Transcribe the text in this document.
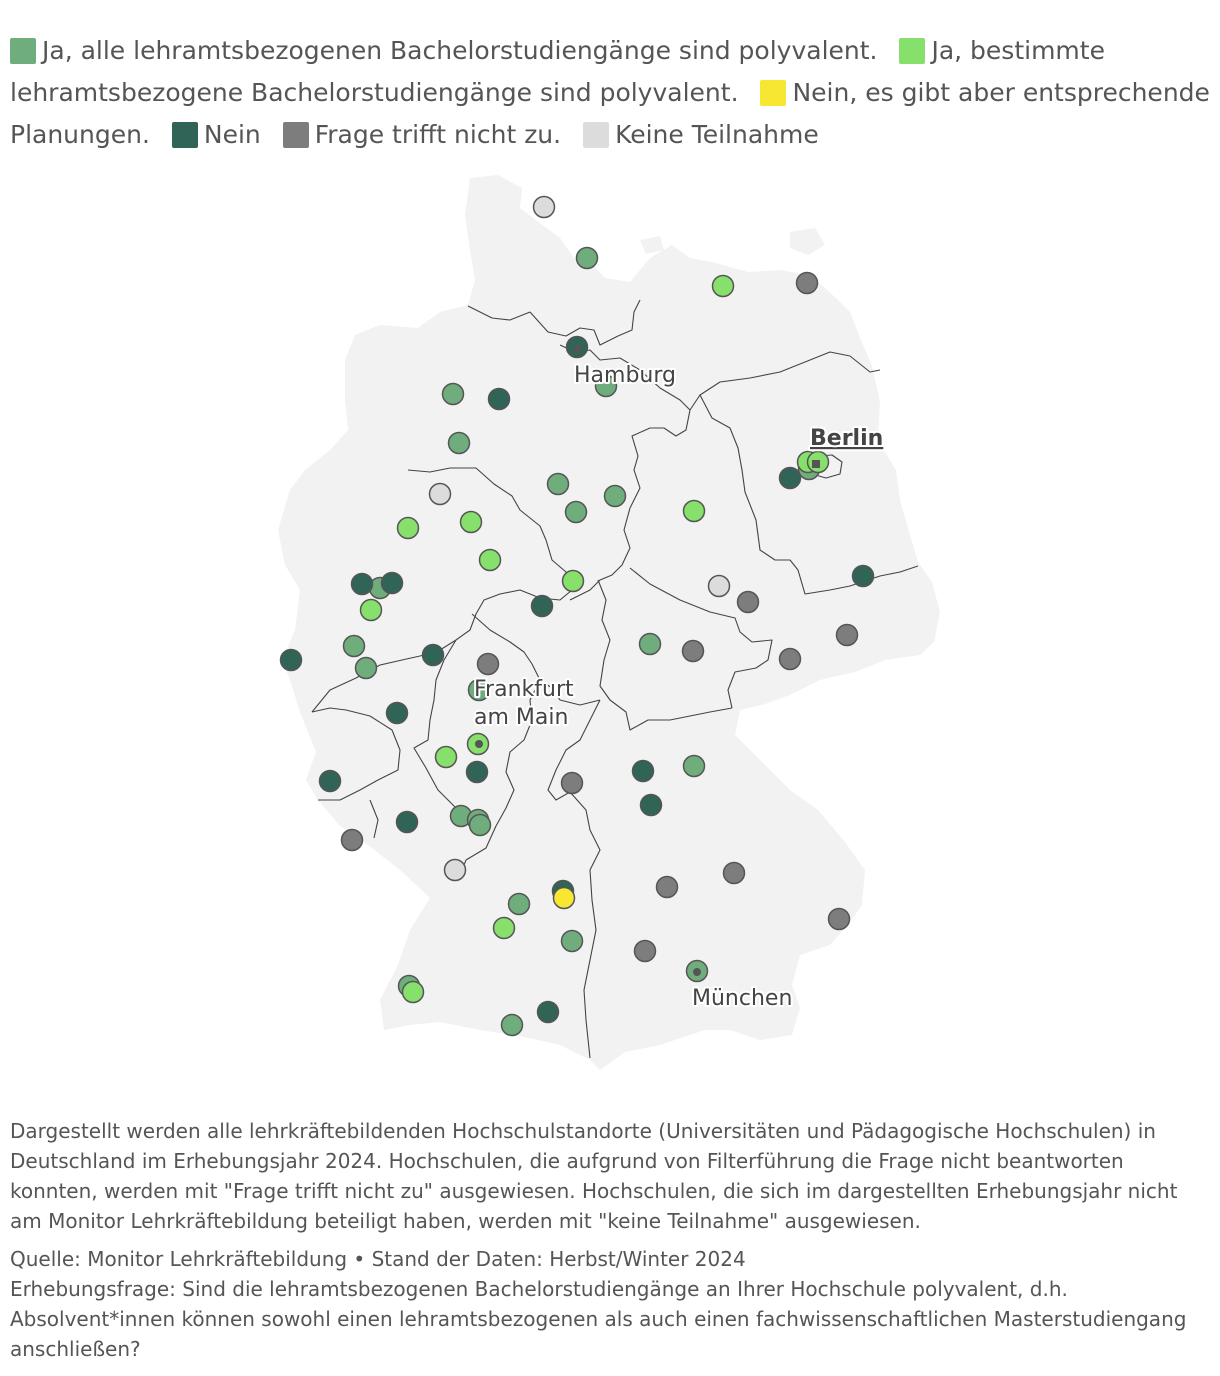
Ja, alle lehramtsbezogenen Bachelorstudiengänge sind polyvalent. Ja, bestimmte lehramtsbezogene Bachelorstudiengänge sind polyvalent. Nein, es gibt aber entsprechende Planungen. Nein Frage trifft nicht zu. Keine Teilnahme
Hamburg
Berlin
Frankfurt
am Main
München

Dargestellt werden alle lehrkräftebildenden Hochschulstandorte (Universitäten und Pädagogische Hochschulen) in Deutschland im Erhebungsjahr 2024. Hochschulen, die aufgrund von Filterführung die Frage nicht beantworten konnten, werden mit "Frage trifft nicht zu" ausgewiesen. Hochschulen, die sich im dargestellten Erhebungsjahr nicht am Monitor Lehrkräftebildung beteiligt haben, werden mit "keine Teilnahme" ausgewiesen.

Quelle: Monitor Lehrkräftebildung • Stand der Daten: Herbst/Winter 2024

Erhebungsfrage: Sind die lehramtsbezogenen Bachelorstudiengänge an Ihrer Hochschule polyvalent, d.h. Absolvent*innen können sowohl einen lehramtsbezogenen als auch einen fachwissenschaftlichen Masterstudiengang anschließen?
